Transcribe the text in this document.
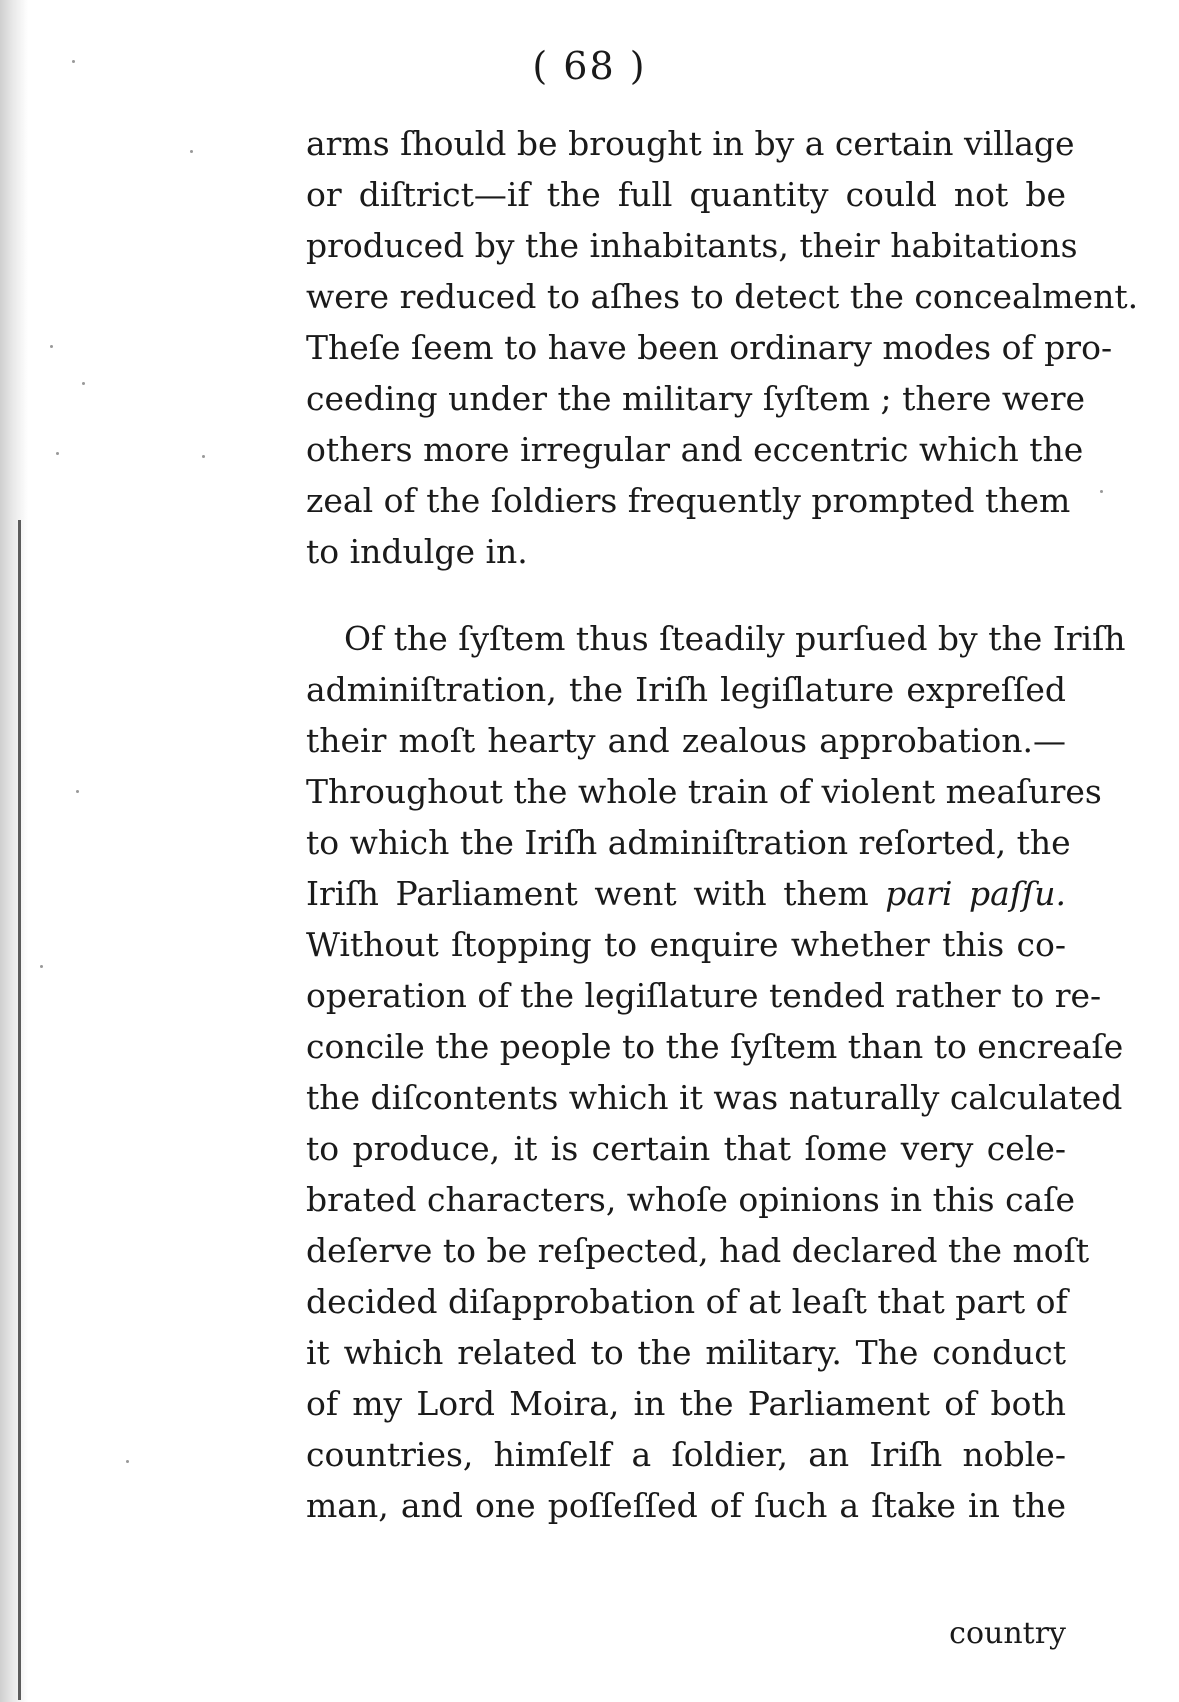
( 68 )
arms ſhould be brought in by a certain village
or diſtrict—if the full quantity could not be
produced by the inhabitants, their habitations
were reduced to aſhes to detect the concealment.
Theſe ſeem to have been ordinary modes of pro-
ceeding under the military ſyſtem ; there were
others more irregular and eccentric which the
zeal of the ſoldiers frequently prompted them
to indulge in.
Of the ſyſtem thus ſteadily purſued by the Iriſh
adminiſtration, the Iriſh legiſlature expreſſed
their moſt hearty and zealous approbation.—
Throughout the whole train of violent meaſures
to which the Iriſh adminiſtration reſorted, the
Iriſh Parliament went with them pari paſſu.
Without ſtopping to enquire whether this co-
operation of the legiſlature tended rather to re-
concile the people to the ſyſtem than to encreaſe
the diſcontents which it was naturally calculated
to produce, it is certain that ſome very cele-
brated characters, whoſe opinions in this caſe
deſerve to be reſpected, had declared the moſt
decided diſapprobation of at leaſt that part of
it which related to the military. The conduct
of my Lord Moira, in the Parliament of both
countries, himſelf a ſoldier, an Iriſh noble-
man, and one poſſeſſed of ſuch a ſtake in the
country
